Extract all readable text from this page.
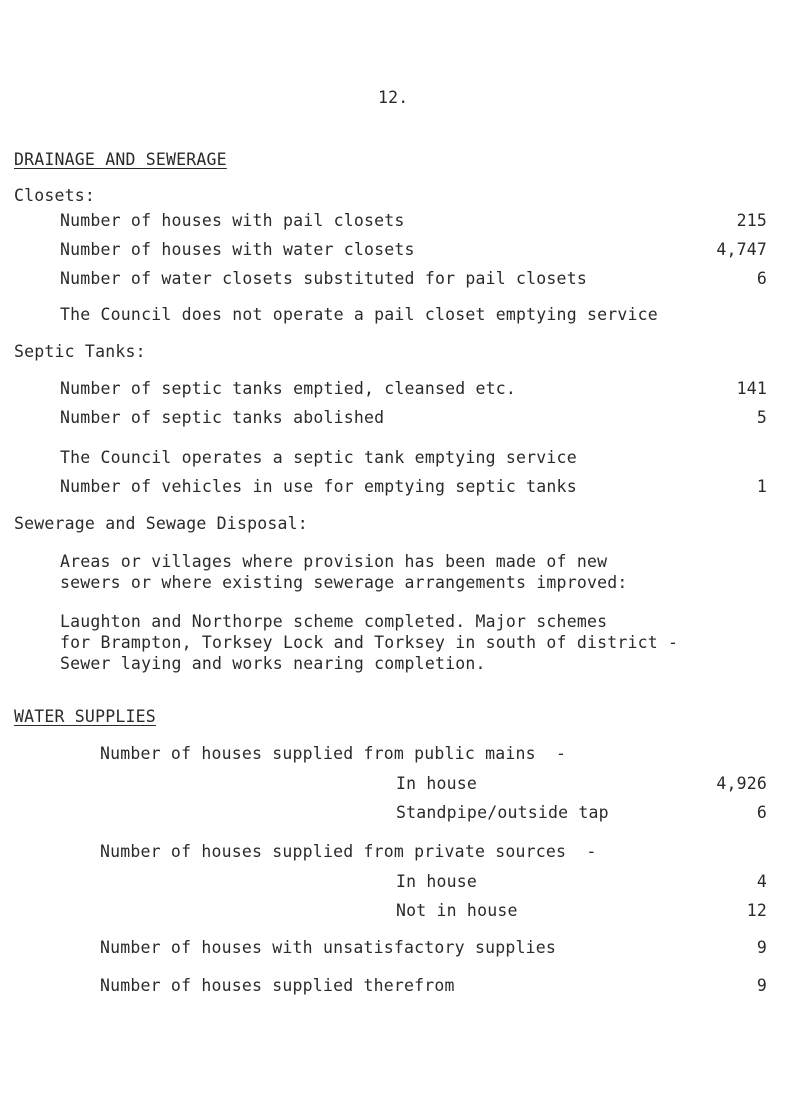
12.
DRAINAGE AND SEWERAGE
Closets:
Number of houses with pail closets	215
Number of houses with water closets	4,747
Number of water closets substituted for pail closets	6
The Council does not operate a pail closet emptying service
Septic Tanks:
Number of septic tanks emptied, cleansed etc.	141
Number of septic tanks abolished	5
The Council operates a septic tank emptying service
Number of vehicles in use for emptying septic tanks	1
Sewerage and Sewage Disposal:
Areas or villages where provision has been made of new
sewers or where existing sewerage arrangements improved:
Laughton and Northorpe scheme completed. Major schemes
for Brampton, Torksey Lock and Torksey in south of district -
Sewer laying and works nearing completion.
WATER SUPPLIES
Number of houses supplied from public mains  -
In house	4,926
Standpipe/outside tap	6
Number of houses supplied from private sources  -
In house	4
Not in house	12
Number of houses with unsatisfactory supplies	9
Number of houses supplied therefrom	9
